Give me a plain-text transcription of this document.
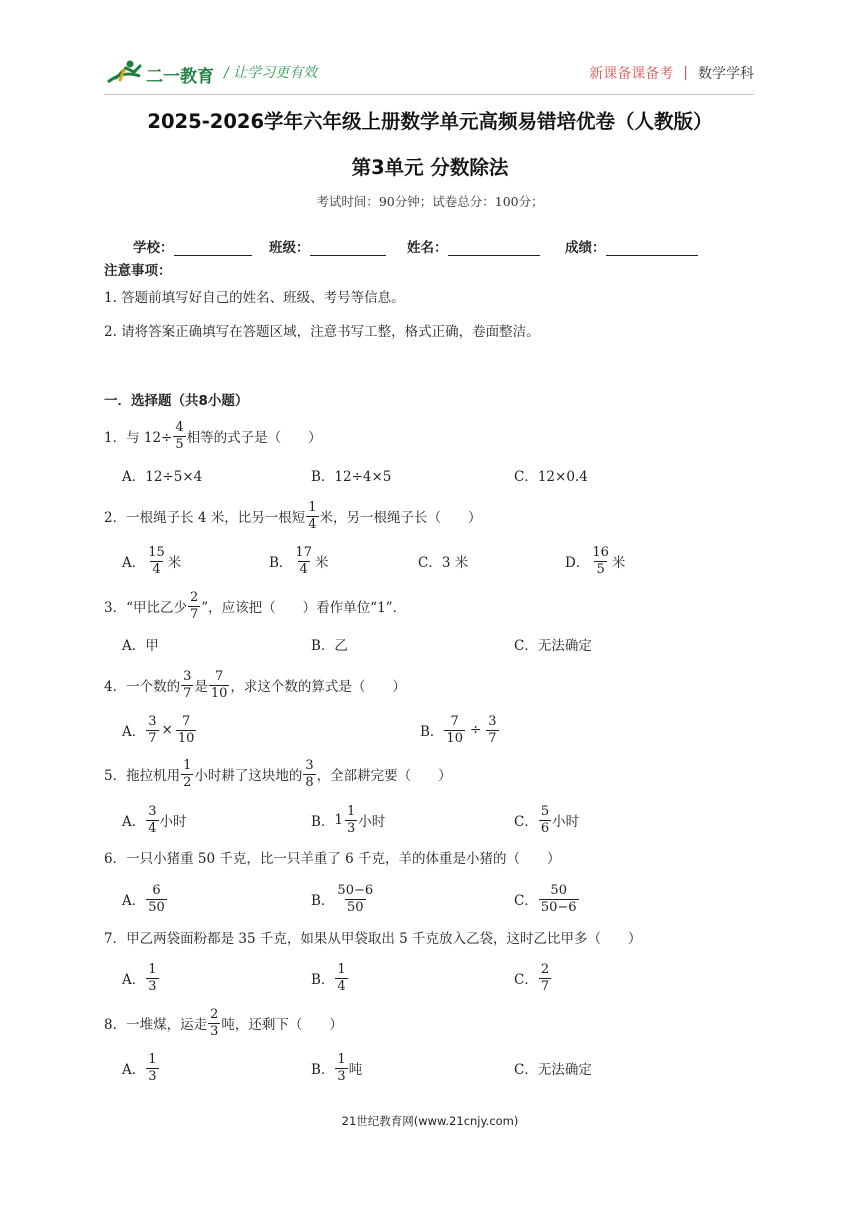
二一教育 / 让学习更有效	新课备课备考 | 数学学科
2025-2026学年六年级上册数学单元高频易错培优卷（人教版）
第3单元 分数除法
考试时间：90分钟；试卷总分：100分；
学校：	班级：	姓名：	成绩：
注意事项：
1. 答题前填写好自己的姓名、班级、考号等信息。
2. 请将答案正确填写在答题区域，注意书写工整，格式正确，卷面整洁。
一．选择题（共8小题）
1．与 $12\div \frac{4}{5}$ 相等的式子是（　　）
A．12÷5×4	B．12÷4×5	C．12×0.4
2．一根绳子长 4 米，比另一根短 $\frac{1}{4}$ 米，另一根绳子长（　　）
A． $\frac{15}{4}$ 米	B． $\frac{17}{4}$ 米	C．3 米	D． $\frac{16}{5}$ 米
3．“甲比乙少 $\frac{2}{7}$ ”，应该把（　　）看作单位“1”．
A．甲	B．乙	C．无法确定
4．一个数的 $\frac{3}{7}$ 是 $\frac{7}{10}$ ，求这个数的算式是（　　）
A． $\frac{3}{7} \times \frac{7}{10}$	B． $\frac{7}{10} \div \frac{3}{7}$
5．拖拉机用 $\frac{1}{2}$ 小时耕了这块地的 $\frac{3}{8}$ ，全部耕完要（　　）
A． $\frac{3}{4}$ 小时	B． $1 \frac{1}{3}$ 小时	C． $\frac{5}{6}$ 小时
6．一只小猪重 50 千克，比一只羊重了 6 千克，羊的体重是小猪的（　　）
A． $\frac{6}{50}$	B． $\frac{50-6}{50}$	C． $\frac{50}{50-6}$
7．甲乙两袋面粉都是 35 千克，如果从甲袋取出 5 千克放入乙袋，这时乙比甲多（　　）
A． $\frac{1}{3}$	B． $\frac{1}{4}$	C． $\frac{2}{7}$
8．一堆煤，运走 $\frac{2}{3}$ 吨，还剩下（　　）
A． $\frac{1}{3}$	B． $\frac{1}{3}$ 吨	C．无法确定
21世纪教育网(www.21cnjy.com)
